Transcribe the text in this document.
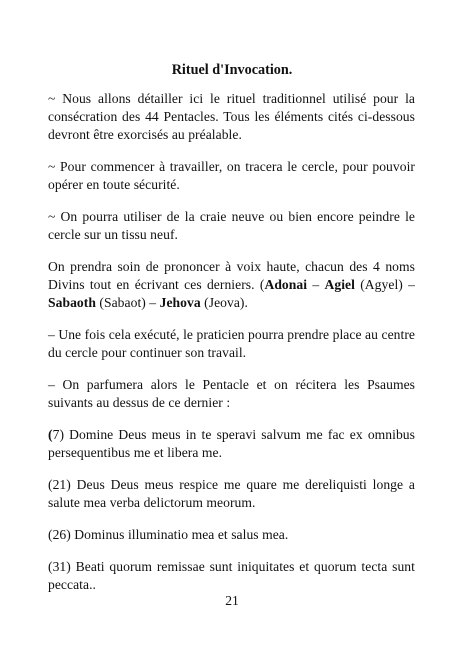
Rituel d'Invocation.

~ Nous allons détailler ici le rituel traditionnel utilisé pour la consécration des 44 Pentacles. Tous les éléments cités ci-dessous devront être exorcisés au préalable.

~ Pour commencer à travailler, on tracera le cercle, pour pouvoir opérer en toute sécurité.

~ On pourra utiliser de la craie neuve ou bien encore peindre le cercle sur un tissu neuf.

On prendra soin de prononcer à voix haute, chacun des 4 noms Divins tout en écrivant ces derniers. (Adonai – Agiel (Agyel) – Sabaoth (Sabaot) – Jehova (Jeova).

– Une fois cela exécuté, le praticien pourra prendre place au centre du cercle pour continuer son travail.

– On parfumera alors le Pentacle et on récitera les Psaumes suivants au dessus de ce dernier :

(7) Domine Deus meus in te speravi salvum me fac ex omnibus persequentibus me et libera me.

(21) Deus Deus meus respice me quare me dereliquisti longe a salute mea verba delictorum meorum.

(26) Dominus illuminatio mea et salus mea.

(31) Beati quorum remissae sunt iniquitates et quorum tecta sunt peccata..

21
